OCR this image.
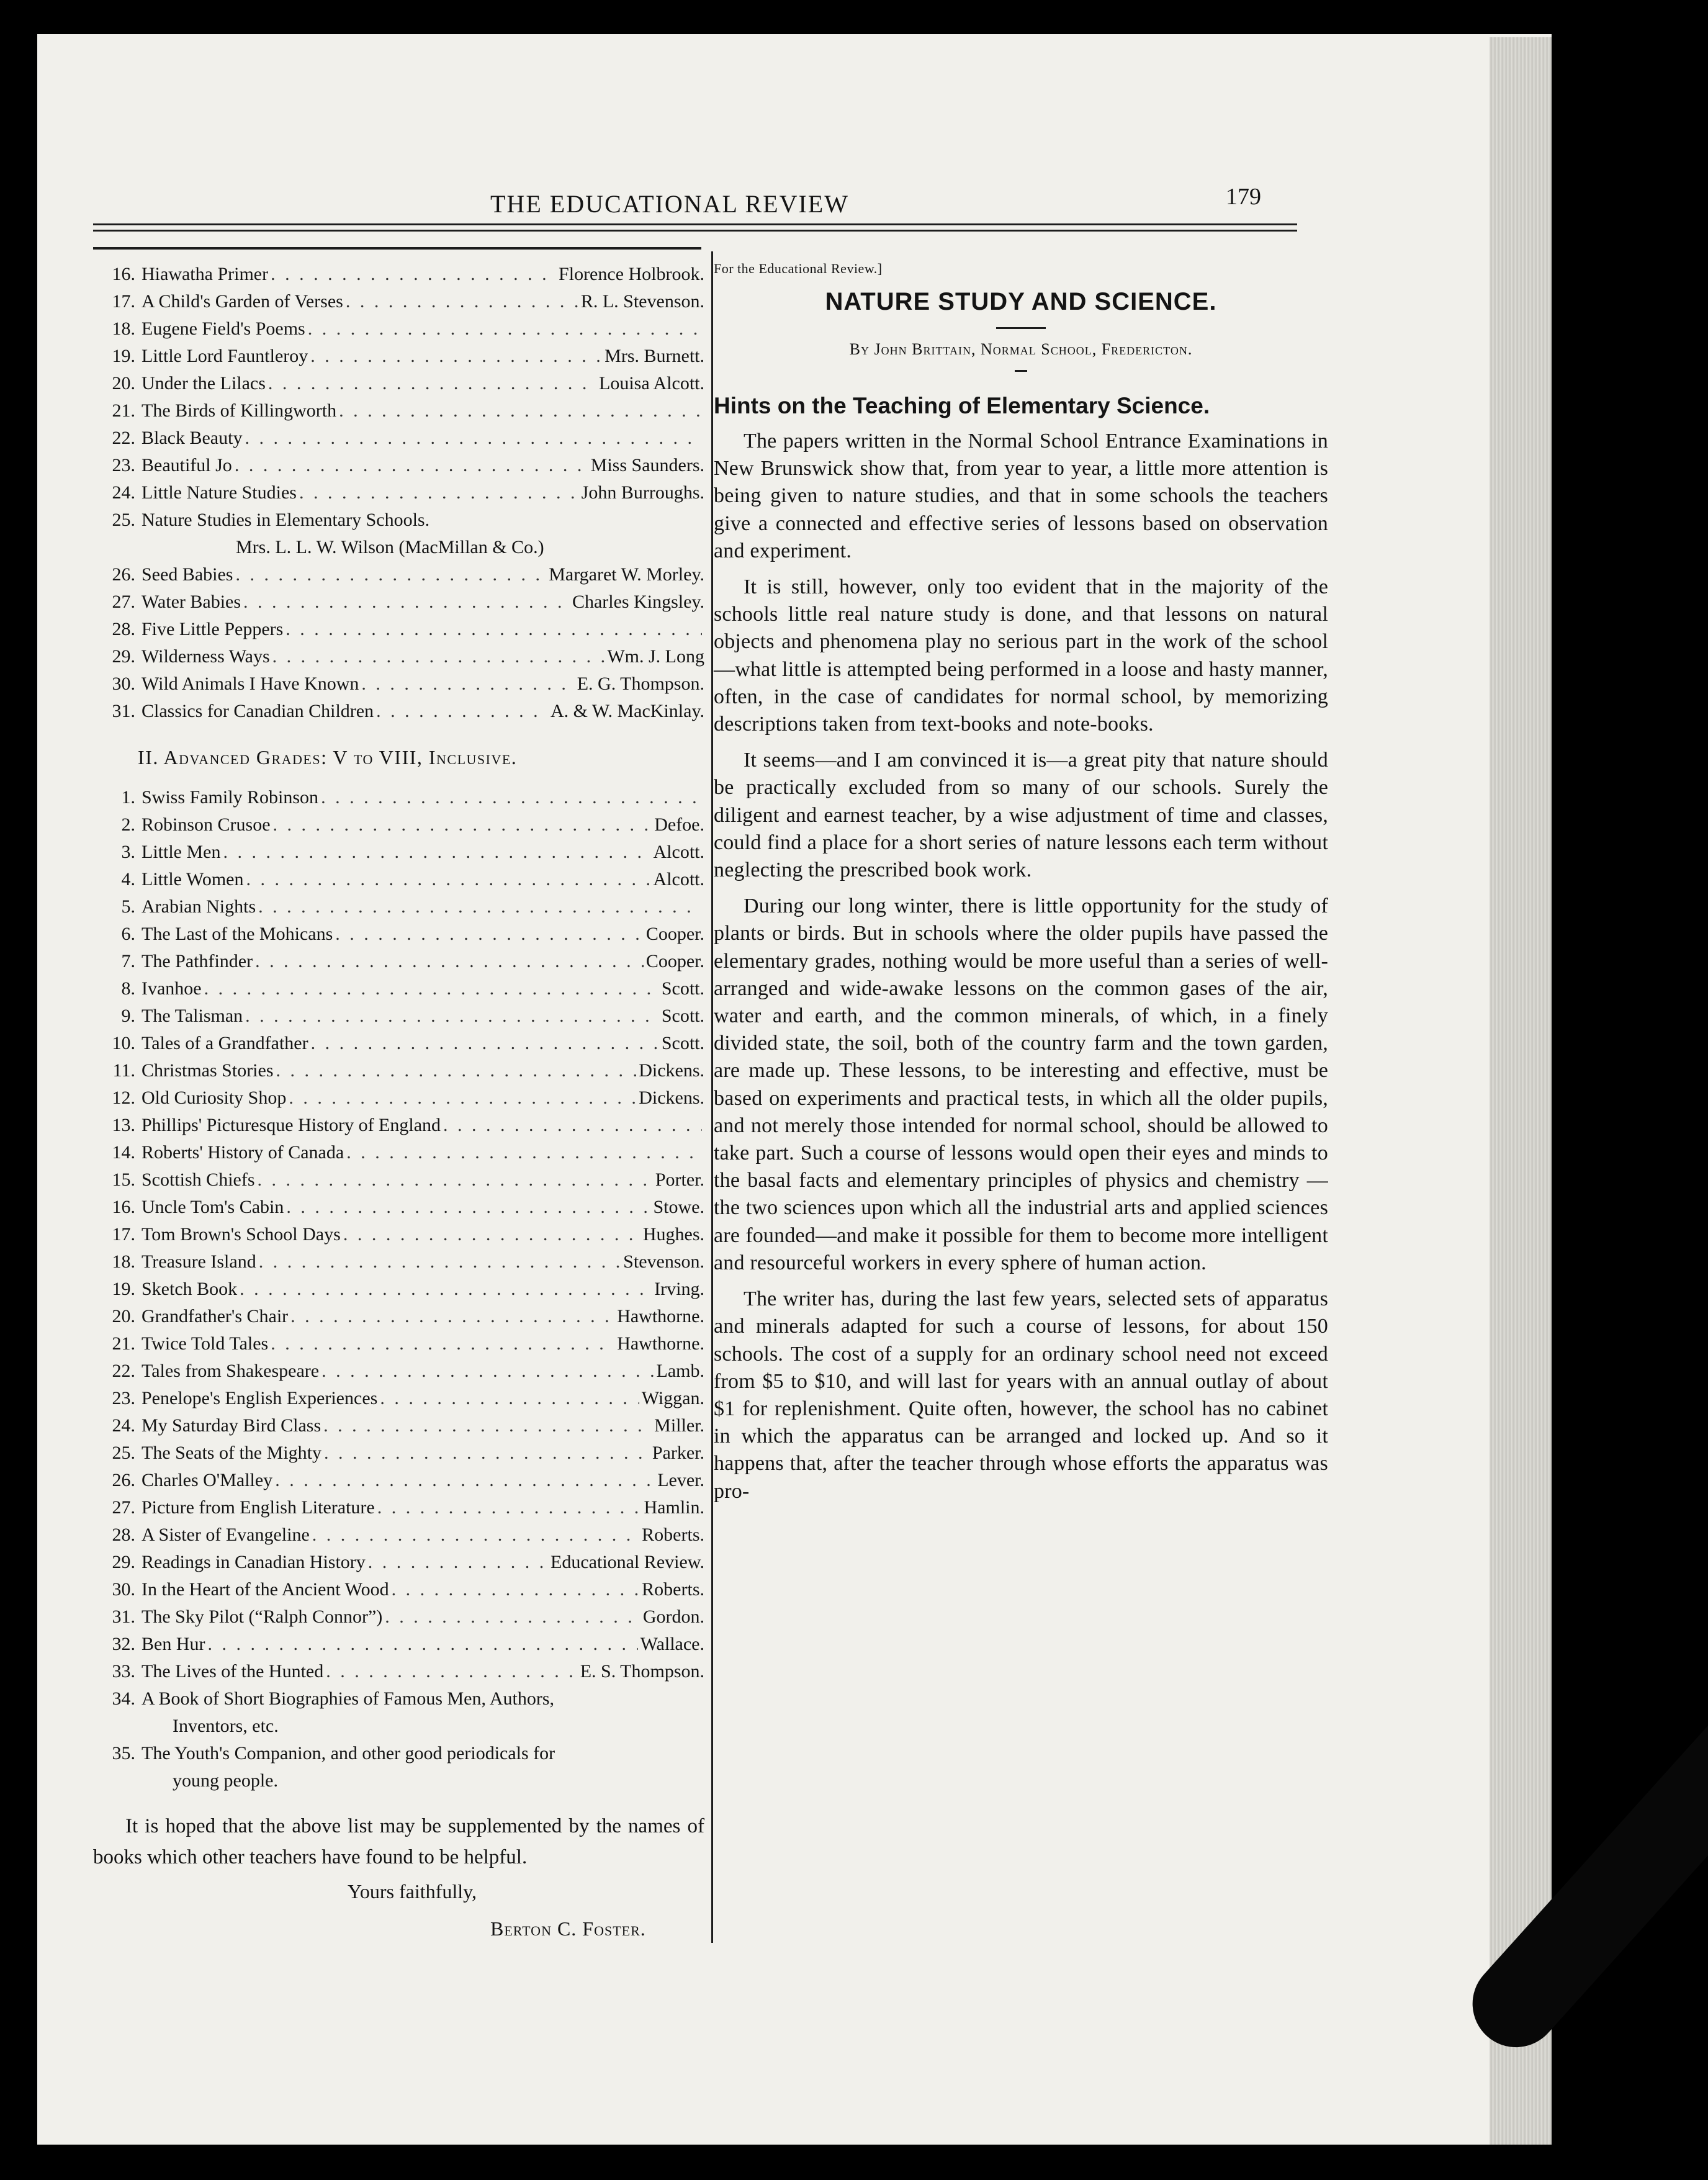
THE EDUCATIONAL REVIEW	179
16. Hiawatha Primer . . .	Florence Holbrook.
17. A Child's Garden of Verses . . .	R. L. Stevenson.
18. Eugene Field's Poems
. . .
19. Little Lord Fauntleroy . . .	Mrs. Burnett.
20. Under the Lilacs . . .	Louisa Alcott.
21. The Birds of Killingworth
. . .
22. Black Beauty
. . .
23. Beautiful Jo . . .	Miss Saunders.
24. Little Nature Studies . . .	John Burroughs.
25. Nature Studies in Elementary Schools.
Mrs. L. L. W. Wilson (MacMillan & Co.)
26. Seed Babies . . .	Margaret W. Morley.
27. Water Babies . . .	Charles Kingsley.
28. Five Little Peppers
. . .
29. Wilderness Ways . . .	Wm. J. Long
30. Wild Animals I Have Known . . .	E. G. Thompson.
31. Classics for Canadian Children . . .	A. & W. MacKinlay.
II. Advanced Grades: V to VIII, Inclusive.
1. Swiss Family Robinson
. . .
2. Robinson Crusoe . . .	Defoe.
3. Little Men . . .	Alcott.
4. Little Women . . .	Alcott.
5. Arabian Nights
. . .
6. The Last of the Mohicans . . .	Cooper.
7. The Pathfinder . . .	Cooper.
8. Ivanhoe . . .	Scott.
9. The Talisman . . .	Scott.
10. Tales of a Grandfather . . .	Scott.
11. Christmas Stories . . .	Dickens.
12. Old Curiosity Shop . . .	Dickens.
13. Phillips' Picturesque History of England
. . .
14. Roberts' History of Canada
. . .
15. Scottish Chiefs . . .	Porter.
16. Uncle Tom's Cabin . . .	Stowe.
17. Tom Brown's School Days . . .	Hughes.
18. Treasure Island . . .	Stevenson.
19. Sketch Book . . .	Irving.
20. Grandfather's Chair . . .	Hawthorne.
21. Twice Told Tales . . .	Hawthorne.
22. Tales from Shakespeare . . .	Lamb.
23. Penelope's English Experiences . . .	Wiggan.
24. My Saturday Bird Class . . .	Miller.
25. The Seats of the Mighty . . .	Parker.
26. Charles O'Malley . . .	Lever.
27. Picture from English Literature . . .	Hamlin.
28. A Sister of Evangeline . . .	Roberts.
29. Readings in Canadian History . . .	Educational Review.
30. In the Heart of the Ancient Wood . . .	Roberts.
31. The Sky Pilot (“Ralph Connor”) . . .	Gordon.
32. Ben Hur . . .	Wallace.
33. The Lives of the Hunted . . .	E. S. Thompson.
34. A Book of Short Biographies of Famous Men, Authors,
Inventors, etc.
35. The Youth's Companion, and other good periodicals for
young people.
It is hoped that the above list may be supplemented by the names of books which other teachers have found to be helpful.
Yours faithfully,
Berton C. Foster.
For the Educational Review.]
NATURE STUDY AND SCIENCE.
By John Brittain, Normal School, Fredericton.
Hints on the Teaching of Elementary Science.

The papers written in the Normal School Entrance Examinations in New Brunswick show that, from year to year, a little more attention is being given to nature studies, and that in some schools the teachers give a connected and effective series of lessons based on observation and experiment.

It is still, however, only too evident that in the majority of the schools little real nature study is done, and that lessons on natural objects and phenomena play no serious part in the work of the school—what little is attempted being performed in a loose and hasty manner, often, in the case of candidates for normal school, by memorizing descriptions taken from text-books and note-books.

It seems—and I am convinced it is—a great pity that nature should be practically excluded from so many of our schools. Surely the diligent and earnest teacher, by a wise adjustment of time and classes, could find a place for a short series of nature lessons each term without neglecting the prescribed book work.

During our long winter, there is little opportunity for the study of plants or birds. But in schools where the older pupils have passed the elementary grades, nothing would be more useful than a series of well-arranged and wide-awake lessons on the common gases of the air, water and earth, and the common minerals, of which, in a finely divided state, the soil, both of the country farm and the town garden, are made up. These lessons, to be interesting and effective, must be based on experiments and practical tests, in which all the older pupils, and not merely those intended for normal school, should be allowed to take part. Such a course of lessons would open their eyes and minds to the basal facts and elementary principles of physics and chemistry —the two sciences upon which all the industrial arts and applied sciences are founded—and make it possible for them to become more intelligent and resourceful workers in every sphere of human action.

The writer has, during the last few years, selected sets of apparatus and minerals adapted for such a course of lessons, for about 150 schools. The cost of a supply for an ordinary school need not exceed from $5 to $10, and will last for years with an annual outlay of about $1 for replenishment. Quite often, however, the school has no cabinet in which the apparatus can be arranged and locked up. And so it happens that, after the teacher through whose efforts the apparatus was pro-
